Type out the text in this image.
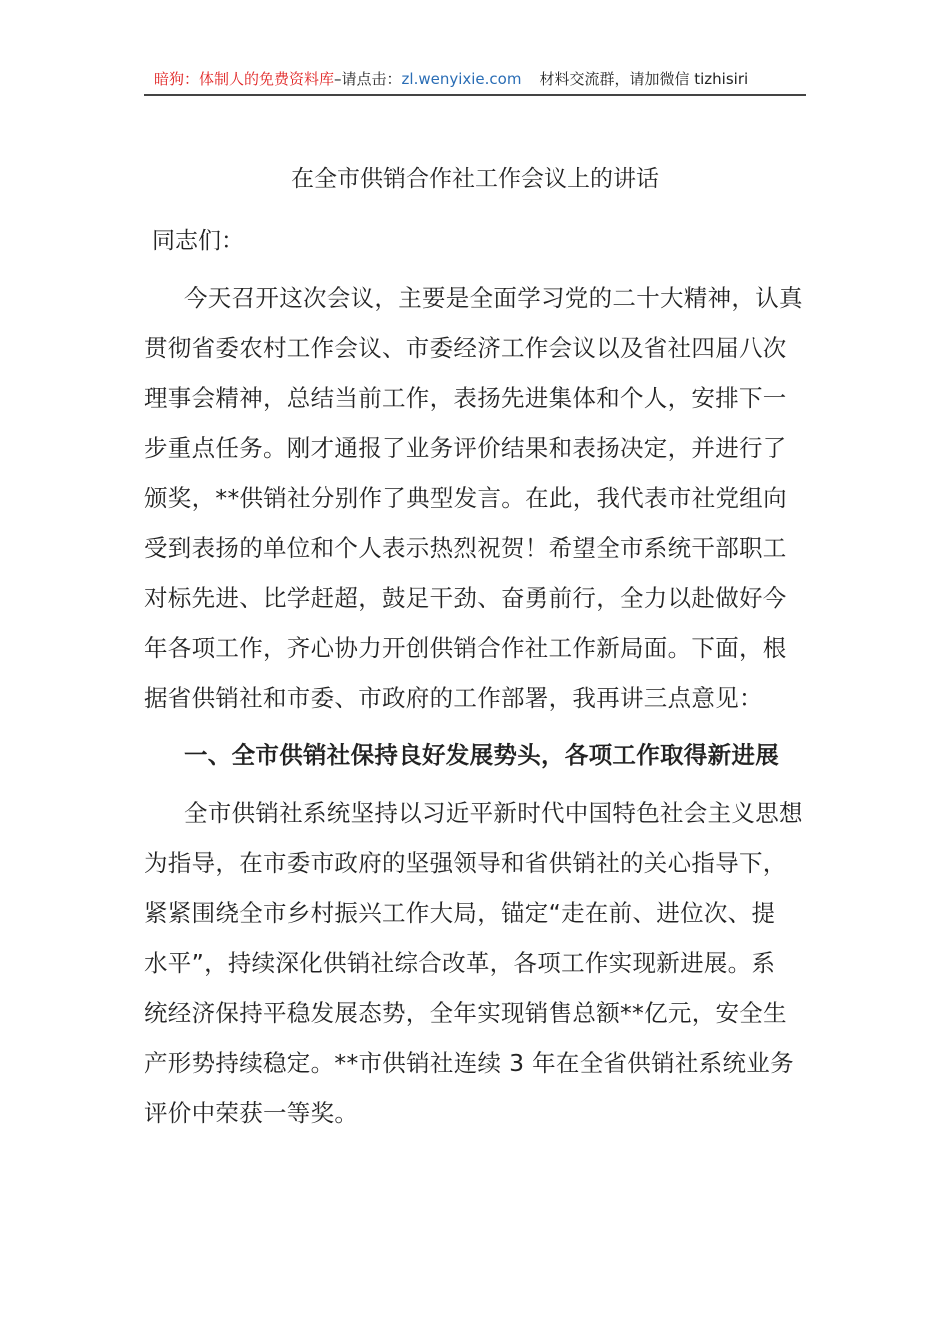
暗狗：体制人的免费资料库–请点击：zl.wenyixie.com 材料交流群，请加微信 tizhisiri
在全市供销合作社工作会议上的讲话
同志们：
今天召开这次会议，主要是全面学习党的二十大精神，认真
贯彻省委农村工作会议、市委经济工作会议以及省社四届八次
理事会精神，总结当前工作，表扬先进集体和个人，安排下一
步重点任务。刚才通报了业务评价结果和表扬决定，并进行了
颁奖，**供销社分别作了典型发言。在此，我代表市社党组向
受到表扬的单位和个人表示热烈祝贺！希望全市系统干部职工
对标先进、比学赶超，鼓足干劲、奋勇前行，全力以赴做好今
年各项工作，齐心协力开创供销合作社工作新局面。下面，根
据省供销社和市委、市政府的工作部署，我再讲三点意见：
一、全市供销社保持良好发展势头，各项工作取得新进展
全市供销社系统坚持以习近平新时代中国特色社会主义思想
为指导，在市委市政府的坚强领导和省供销社的关心指导下，
紧紧围绕全市乡村振兴工作大局，锚定“走在前、进位次、提
水平”，持续深化供销社综合改革，各项工作实现新进展。系
统经济保持平稳发展态势，全年实现销售总额**亿元，安全生
产形势持续稳定。**市供销社连续 3 年在全省供销社系统业务
评价中荣获一等奖。
